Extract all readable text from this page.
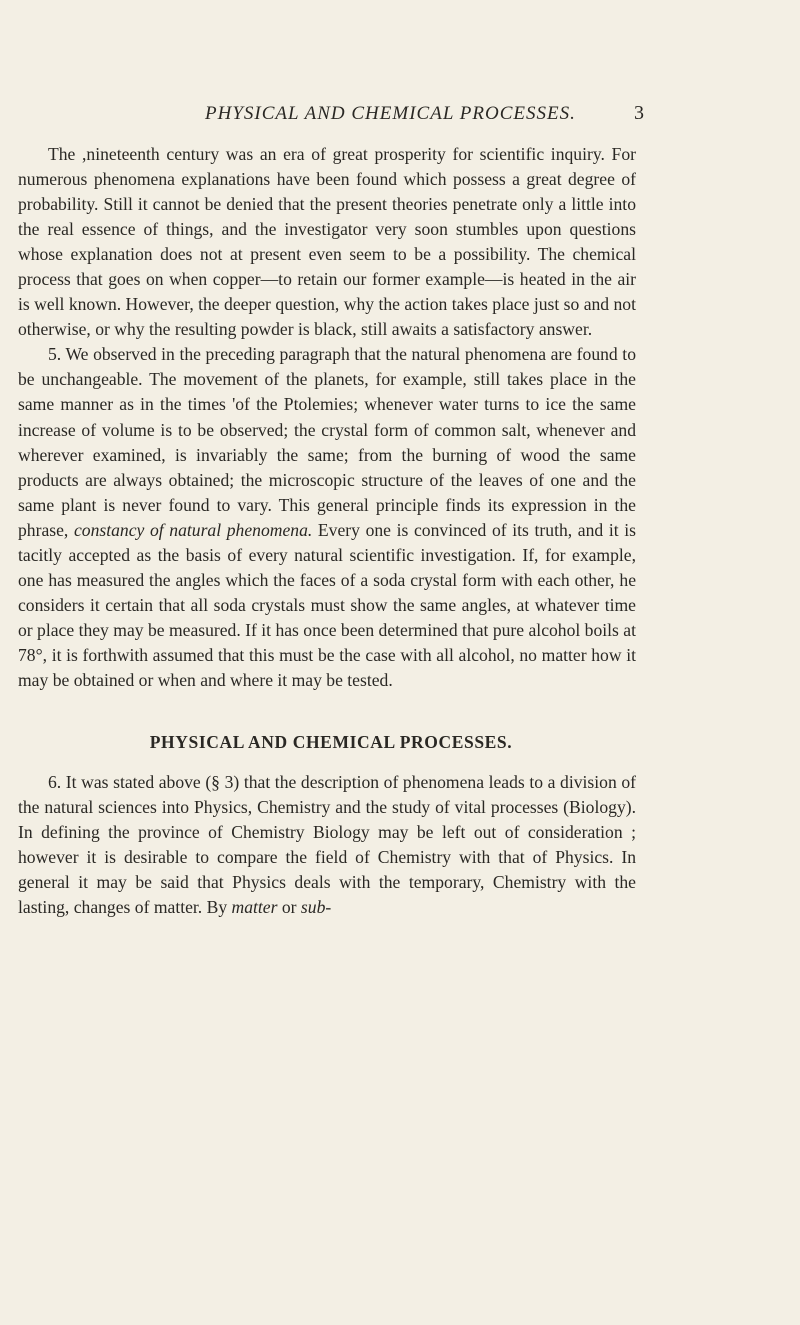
PHYSICAL AND CHEMICAL PROCESSES.	3

The ,nineteenth century was an era of great prosperity for scientific inquiry. For numerous phenomena explanations have been found which possess a great degree of probability. Still it cannot be denied that the present theories penetrate only a little into the real essence of things, and the investigator very soon stumbles upon questions whose explanation does not at present even seem to be a possibility. The chemical process that goes on when copper—to retain our former example—is heated in the air is well known. However, the deeper question, why the action takes place just so and not otherwise, or why the resulting powder is black, still awaits a satisfactory answer.

5. We observed in the preceding paragraph that the natural phenomena are found to be unchangeable. The movement of the planets, for example, still takes place in the same manner as in the times 'of the Ptolemies; whenever water turns to ice the same increase of volume is to be observed; the crystal form of common salt, whenever and wherever examined, is invariably the same; from the burning of wood the same products are always obtained; the microscopic structure of the leaves of one and the same plant is never found to vary. This general principle finds its expression in the phrase, constancy of natural phenomena. Every one is convinced of its truth, and it is tacitly accepted as the basis of every natural scientific investigation. If, for example, one has measured the angles which the faces of a soda crystal form with each other, he considers it certain that all soda crystals must show the same angles, at whatever time or place they may be measured. If it has once been determined that pure alcohol boils at 78°, it is forthwith assumed that this must be the case with all alcohol, no matter how it may be obtained or when and where it may be tested.

PHYSICAL AND CHEMICAL PROCESSES.

6. It was stated above (§ 3) that the description of phenomena leads to a division of the natural sciences into Physics, Chemistry and the study of vital processes (Biology). In defining the province of Chemistry Biology may be left out of consideration ; however it is desirable to compare the field of Chemistry with that of Physics. In general it may be said that Physics deals with the temporary, Chemistry with the lasting, changes of matter. By matter or sub-
